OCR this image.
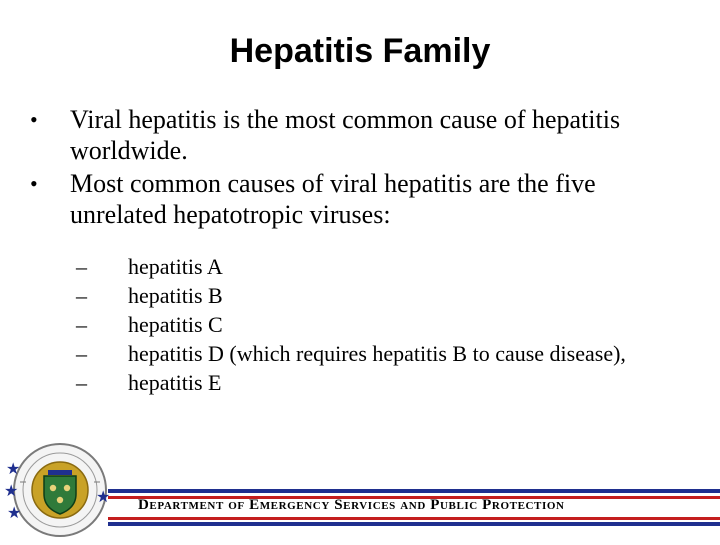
Hepatitis Family
• Viral hepatitis is the most common cause of hepatitis worldwide.
• Most common causes of viral hepatitis are the five unrelated hepatotropic viruses:
– hepatitis A
– hepatitis B
– hepatitis C
– hepatitis D (which requires hepatitis B to cause disease),
– hepatitis E
Department of Emergency Services and Public Protection
★
★
★
★
